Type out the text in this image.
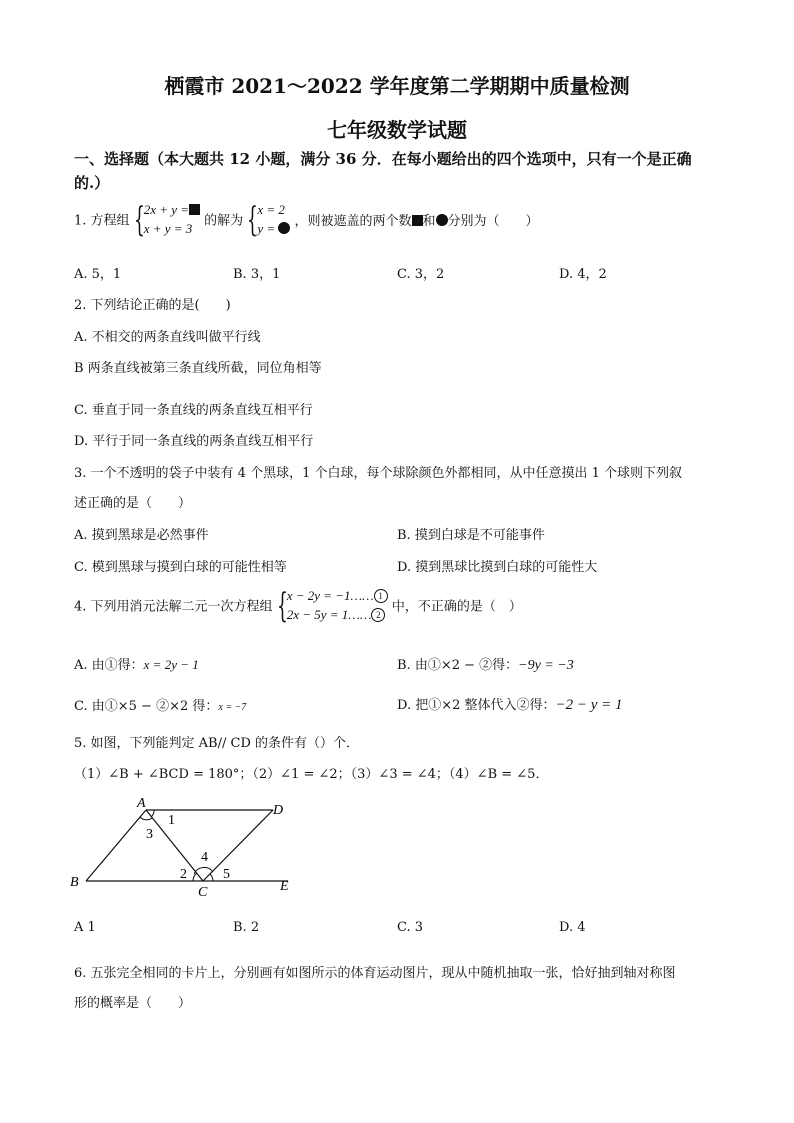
栖霞市 2021～2022 学年度第二学期期中质量检测
七年级数学试题
一、选择题（本大题共 12 小题，满分 36 分．在每小题给出的四个选项中，只有一个是正确
的.）
1. 方程组 { 2x + y =
x + y = 3 的解为 { x = 2
y =	，则被遮盖的两个数 和 分别为（　　）
A. 5，1	B. 3，1	C. 3，2	D. 4，2
2. 下列结论正确的是(　　)
A. 不相交的两条直线叫做平行线
B 两条直线被第三条直线所截，同位角相等
C. 垂直于同一条直线的两条直线互相平行
D. 平行于同一条直线的两条直线互相平行
3. 一个不透明的袋子中装有 4 个黑球，1 个白球，每个球除颜色外都相同，从中任意摸出 1 个球则下列叙
述正确的是（　　）
A. 摸到黑球是必然事件	B. 摸到白球是不可能事件
C. 模到黑球与摸到白球的可能性相等	D. 摸到黑球比摸到白球的可能性大
4. 下列用消元法解二元一次方程组 { x − 2y = −1…… 1
2x − 5y = 1…… 2
中，不正确的是（　）
A. 由①得：x = 2y − 1	B. 由①×2 − ②得：−9y = −3
C. 由①×5 − ②×2 得：x = −7	D. 把①×2 整体代入②得：−2 − y = 1
5. 如图，下列能判定 AB// CD 的条件有（）个．
（1）∠B + ∠BCD = 180°；（2）∠1 = ∠2；（3）∠3 = ∠4；（4）∠B = ∠5．
A
B
C
D
E
1
3
4
2	5
A 1	B. 2	C. 3	D. 4
6. 五张完全相同的卡片上，分别画有如图所示的体育运动图片，现从中随机抽取一张，恰好抽到轴对称图
形的概率是（　　）
